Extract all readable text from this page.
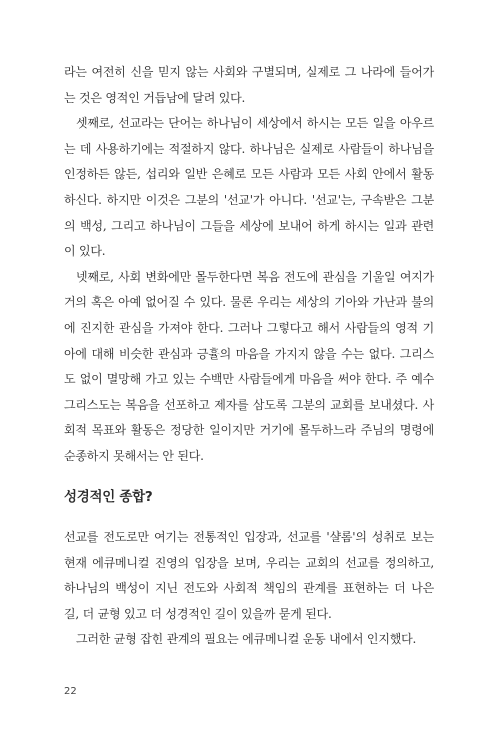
라는 여전히 신을 믿지 않는 사회와 구별되며, 실제로 그 나라에 들어가는 것은 영적인 거듭남에 달려 있다.

셋째로, 선교라는 단어는 하나님이 세상에서 하시는 모든 일을 아우르는 데 사용하기에는 적절하지 않다. 하나님은 실제로 사람들이 하나님을 인정하든 않든, 섭리와 일반 은혜로 모든 사람과 모든 사회 안에서 활동하신다. 하지만 이것은 그분의 '선교'가 아니다. '선교'는, 구속받은 그분의 백성, 그리고 하나님이 그들을 세상에 보내어 하게 하시는 일과 관련이 있다.

넷째로, 사회 변화에만 몰두한다면 복음 전도에 관심을 기울일 여지가 거의 혹은 아예 없어질 수 있다. 물론 우리는 세상의 기아와 가난과 불의에 진지한 관심을 가져야 한다. 그러나 그렇다고 해서 사람들의 영적 기아에 대해 비슷한 관심과 긍휼의 마음을 가지지 않을 수는 없다. 그리스도 없이 멸망해 가고 있는 수백만 사람들에게 마음을 써야 한다. 주 예수 그리스도는 복음을 선포하고 제자를 삼도록 그분의 교회를 보내셨다. 사회적 목표와 활동은 정당한 일이지만 거기에 몰두하느라 주님의 명령에 순종하지 못해서는 안 된다.

성경적인 종합?

선교를 전도로만 여기는 전통적인 입장과, 선교를 '샬롬'의 성취로 보는 현재 에큐메니컬 진영의 입장을 보며, 우리는 교회의 선교를 정의하고, 하나님의 백성이 지닌 전도와 사회적 책임의 관계를 표현하는 더 나은 길, 더 균형 있고 더 성경적인 길이 있을까 묻게 된다.

그러한 균형 잡힌 관계의 필요는 에큐메니컬 운동 내에서 인지했다.

22
